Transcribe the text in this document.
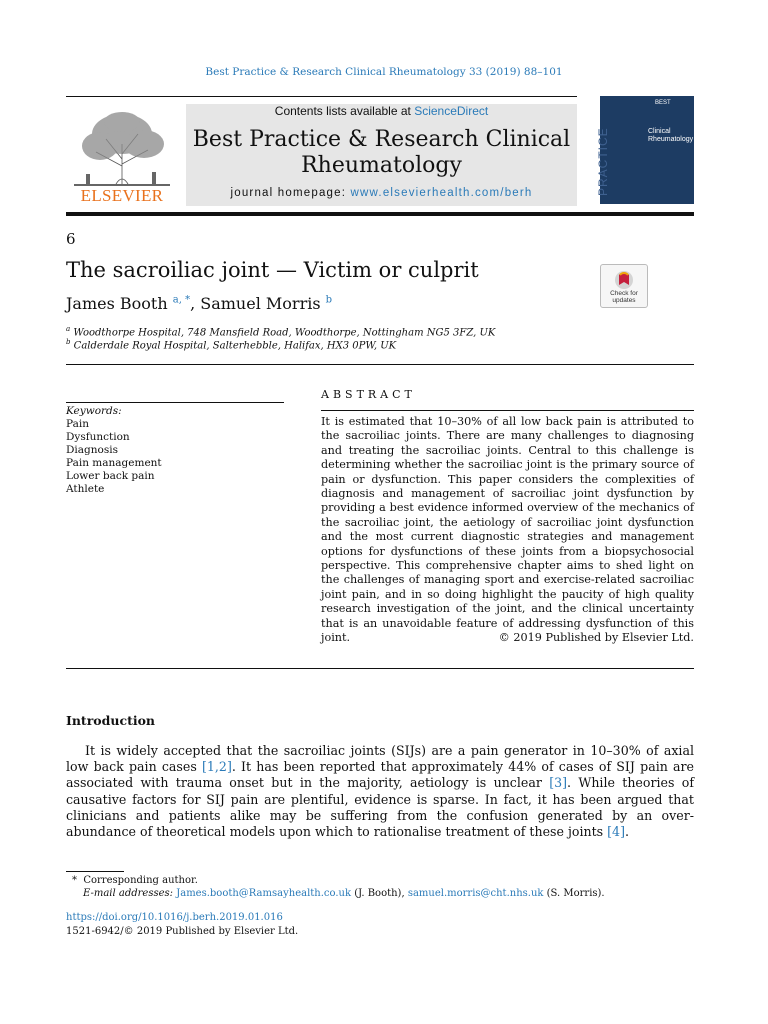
Best Practice & Research Clinical Rheumatology 33 (2019) 88–101
ELSEVIER
Contents lists available at ScienceDirect
Best Practice & Research Clinical
Rheumatology
journal homepage: www.elsevierhealth.com/berh
BEST
Clinical
Rheumatology
PRACTICE
6
The sacroiliac joint — Victim or culprit
Check for updates
James Booth $^{a, *}$, Samuel Morris $^b$
$^a$ Woodthorpe Hospital, 748 Mansfield Road, Woodthorpe, Nottingham NG5 3FZ, UK
$^b$ Calderdale Royal Hospital, Salterhebble, Halifax, HX3 0PW, UK
ABSTRACT
Keywords:
Pain
Dysfunction
Diagnosis
Pain management
Lower back pain
Athlete
It is estimated that 10–30% of all low back pain is attributed to the sacroiliac joints. There are many challenges to diagnosing and treating the sacroiliac joints. Central to this challenge is determining whether the sacroiliac joint is the primary source of pain or dysfunction. This paper considers the complexities of diagnosis and management of sacroiliac joint dysfunction by providing a best evidence informed overview of the mechanics of the sacroiliac joint, the aetiology of sacroiliac joint dysfunction and the most current diagnostic strategies and management options for dysfunctions of these joints from a biopsychosocial perspective. This comprehensive chapter aims to shed light on the challenges of managing sport and exercise-related sacroiliac joint pain, and in so doing highlight the paucity of high quality research investigation of the joint, and the clinical uncertainty that is an unavoidable feature of addressing dysfunction of this joint.	© 2019 Published by Elsevier Ltd.
Introduction
It is widely accepted that the sacroiliac joints (SIJs) are a pain generator in 10–30% of axial low back pain cases [1,2]. It has been reported that approximately 44% of cases of SIJ pain are associated with trauma onset but in the majority, aetiology is unclear [3]. While theories of causative factors for SIJ pain are plentiful, evidence is sparse. In fact, it has been argued that clinicians and patients alike may be suffering from the confusion generated by an over-abundance of theoretical models upon which to rationalise treatment of these joints [4].
* Corresponding author.
E-mail addresses: James.booth@Ramsayhealth.co.uk (J. Booth), samuel.morris@cht.nhs.uk (S. Morris).
https://doi.org/10.1016/j.berh.2019.01.016
1521-6942/© 2019 Published by Elsevier Ltd.
